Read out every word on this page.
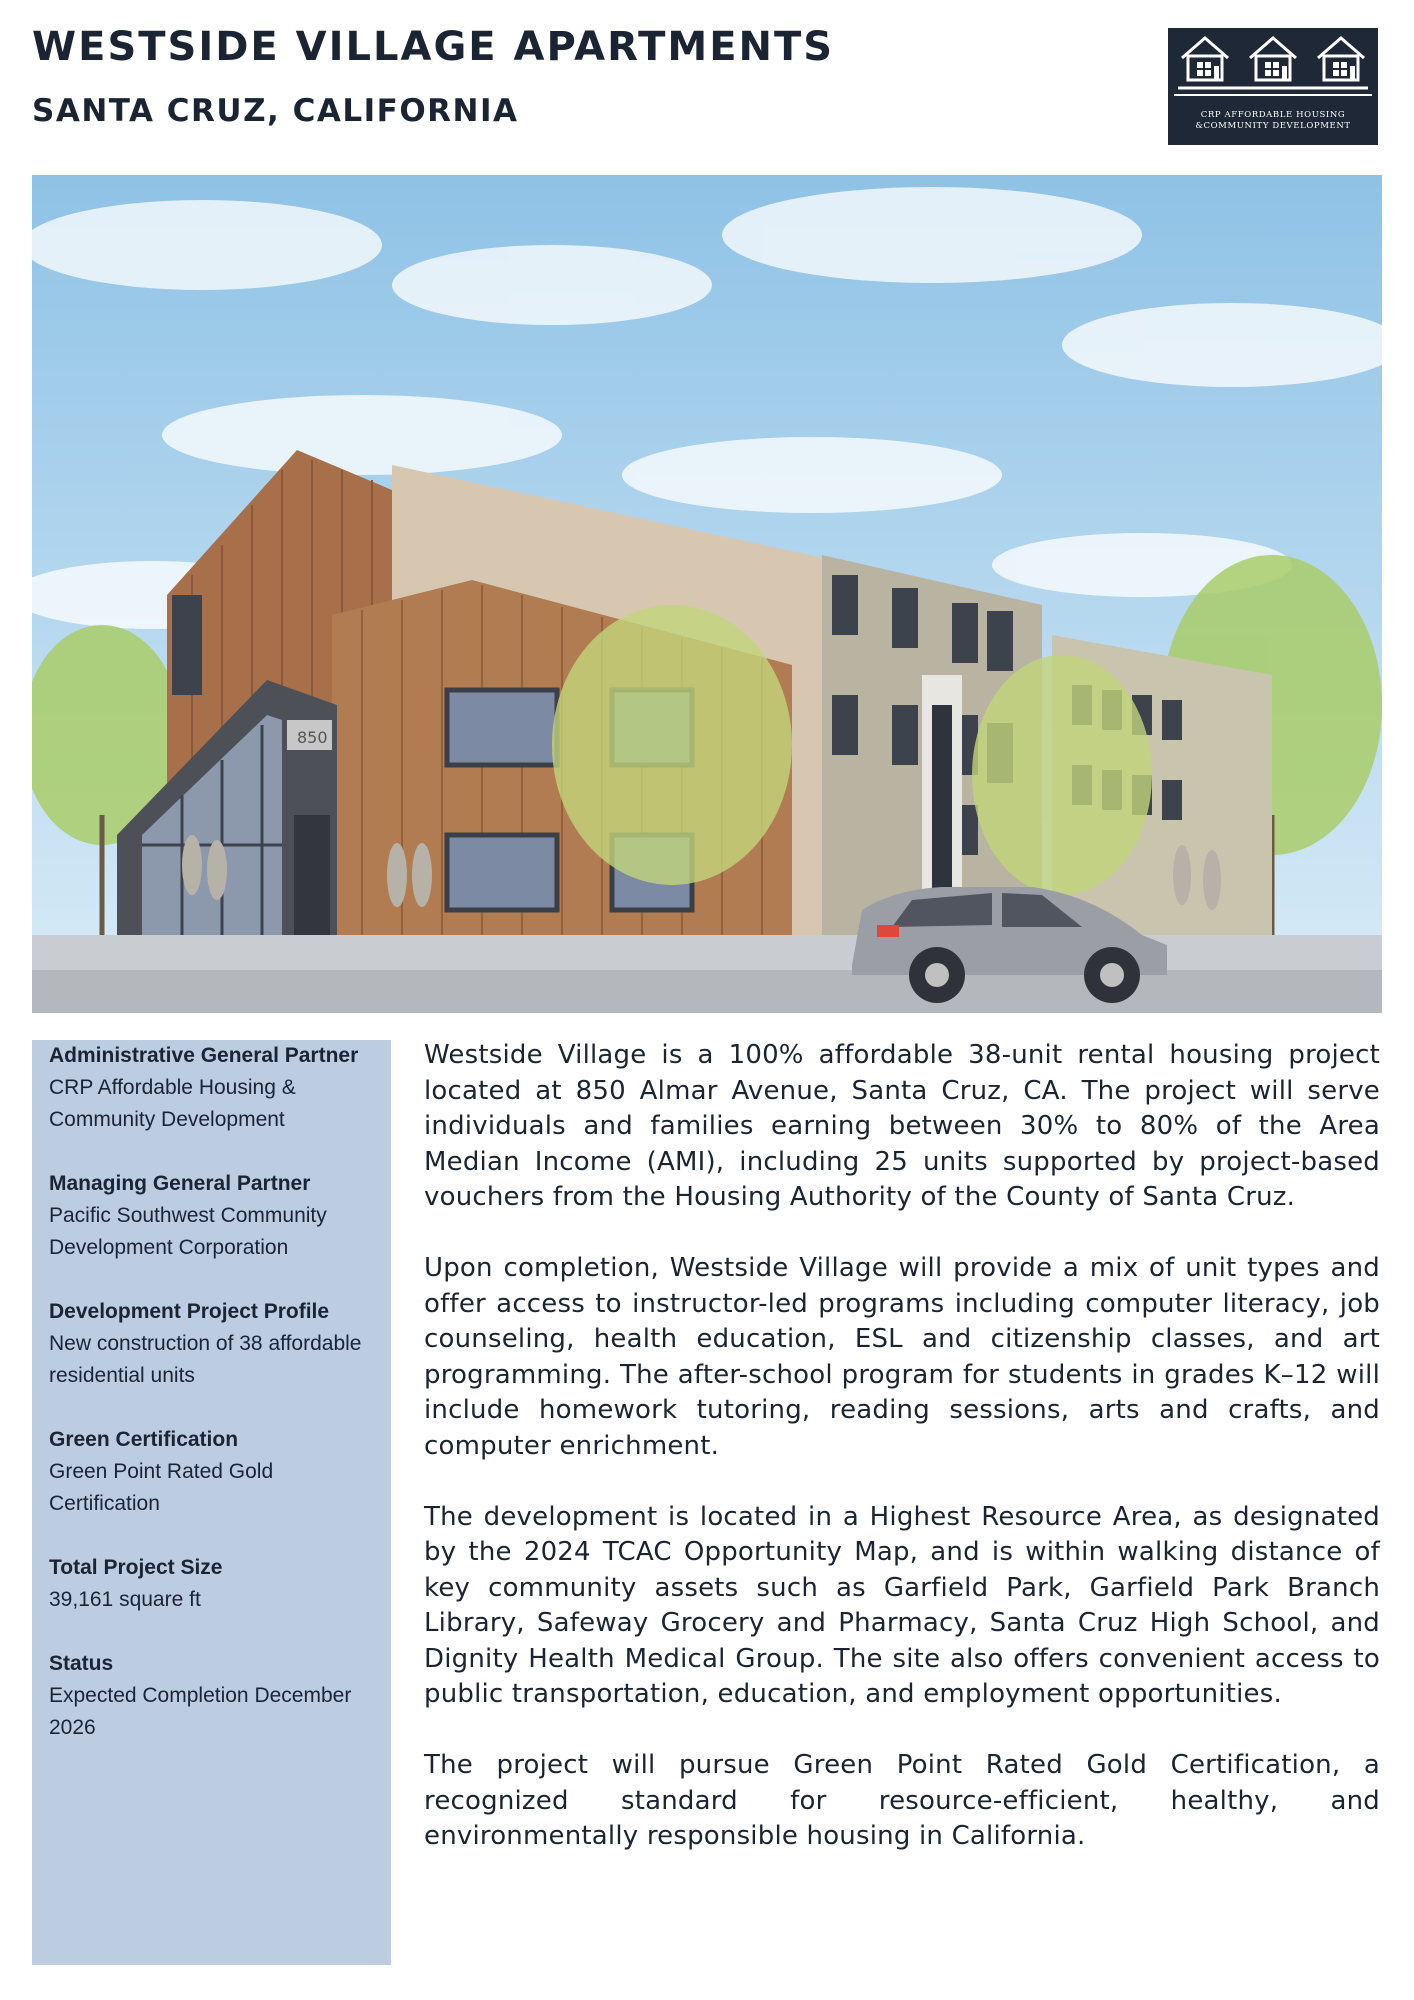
WESTSIDE VILLAGE APARTMENTS
SANTA CRUZ, CALIFORNIA	CRP AFFORDABLE HOUSING
&COMMUNITY DEVELOPMENT
850
Administrative General Partner
CRP Affordable Housing & Community Development
Managing General Partner
Pacific Southwest Community Development Corporation
Development Project Profile
New construction of 38 affordable residential units
Green Certification
Green Point Rated Gold Certification
Total Project Size
39,161 square ft
Status
Expected Completion December 2026

Westside Village is a 100% affordable 38-unit rental housing project located at 850 Almar Avenue, Santa Cruz, CA. The project will serve individuals and families earning between 30% to 80% of the Area Median Income (AMI), including 25 units supported by project-based vouchers from the Housing Authority of the County of Santa Cruz.

Upon completion, Westside Village will provide a mix of unit types and offer access to instructor-led programs including computer literacy, job counseling, health education, ESL and citizenship classes, and art programming. The after-school program for students in grades K–12 will include homework tutoring, reading sessions, arts and crafts, and computer enrichment.

The development is located in a Highest Resource Area, as designated by the 2024 TCAC Opportunity Map, and is within walking distance of key community assets such as Garfield Park, Garfield Park Branch Library, Safeway Grocery and Pharmacy, Santa Cruz High School, and Dignity Health Medical Group. The site also offers convenient access to public transportation, education, and employment opportunities.

The project will pursue Green Point Rated Gold Certification, a recognized standard for resource-efficient, healthy, and environmentally responsible housing in California.
